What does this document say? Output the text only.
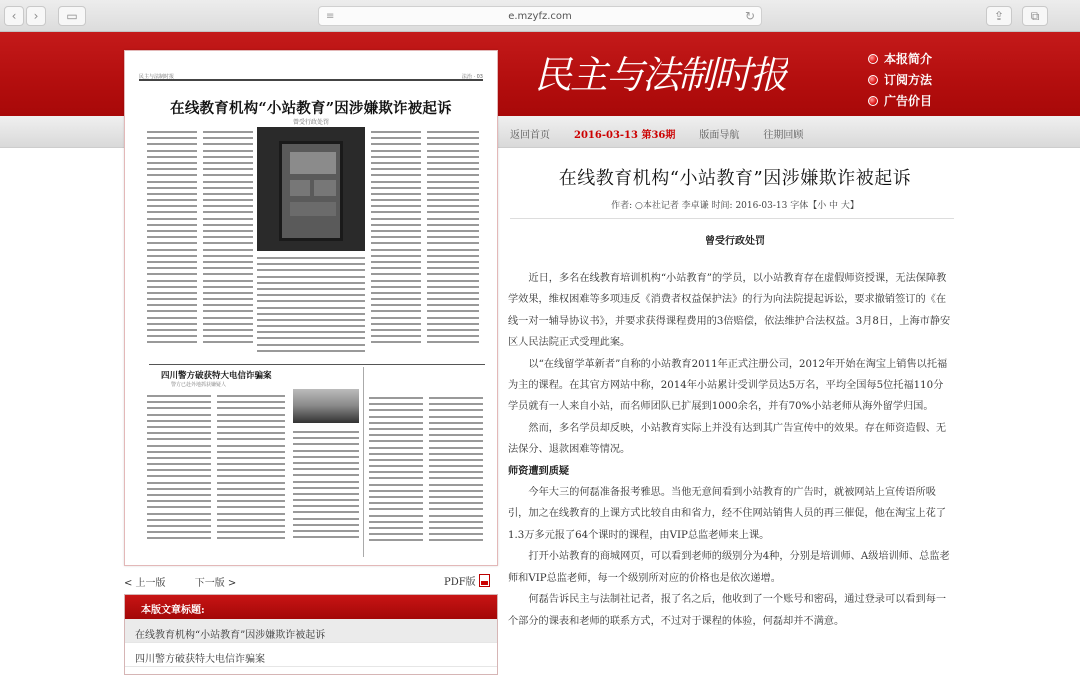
‹	›	▭	≡	e.mzyfz.com	↻	⇪	⧉
民主与法制时报	本报简介
订阅方法
广告价目
返回首页 2016-03-13 第36期 版面导航 往期回顾
民主与法制时报	法治 · 03
在线教育机构“小站教育”因涉嫌欺诈被起诉
曾受行政处罚
四川警方破获特大电信诈骗案
警方已赴外地抓获嫌疑人
< 上一版	下一版 >	PDF版
本版文章标题:
在线教育机构“小站教育”因涉嫌欺诈被起诉
四川警方破获特大电信诈骗案
在线教育机构“小站教育”因涉嫌欺诈被起诉
作者: ○本社记者 李卓谦 时间: 2016-03-13 字体【小 中 大】
曾受行政处罚

近日，多名在线教育培训机构“小站教育”的学员，以小站教育存在虚假师资授课，无法保障教学效果，维权困难等多项违反《消费者权益保护法》的行为向法院提起诉讼，要求撤销签订的《在线一对一辅导协议书》，并要求获得课程费用的3倍赔偿，依法维护合法权益。3月8日，上海市静安区人民法院正式受理此案。

以“在线留学革新者”自称的小站教育2011年正式注册公司，2012年开始在淘宝上销售以托福为主的课程。在其官方网站中称，2014年小站累计受训学员达5万名，平均全国每5位托福110分学员就有一人来自小站，而名师团队已扩展到1000余名，并有70%小站老师从海外留学归国。

然而，多名学员却反映，小站教育实际上并没有达到其广告宣传中的效果。存在师资造假、无法保分、退款困难等情况。

师资遭到质疑

今年大三的何磊准备报考雅思。当他无意间看到小站教育的广告时，就被网站上宣传语所吸引，加之在线教育的上课方式比较自由和省力，经不住网站销售人员的再三催促，他在淘宝上花了1.3万多元报了64个课时的课程，由VIP总监老师来上课。

打开小站教育的商城网页，可以看到老师的级别分为4种，分别是培训师、A级培训师、总监老师和VIP总监老师，每一个级别所对应的价格也是依次递增。

何磊告诉民主与法制社记者，报了名之后，他收到了一个账号和密码，通过登录可以看到每一个部分的课表和老师的联系方式，不过对于课程的体验，何磊却并不满意。
